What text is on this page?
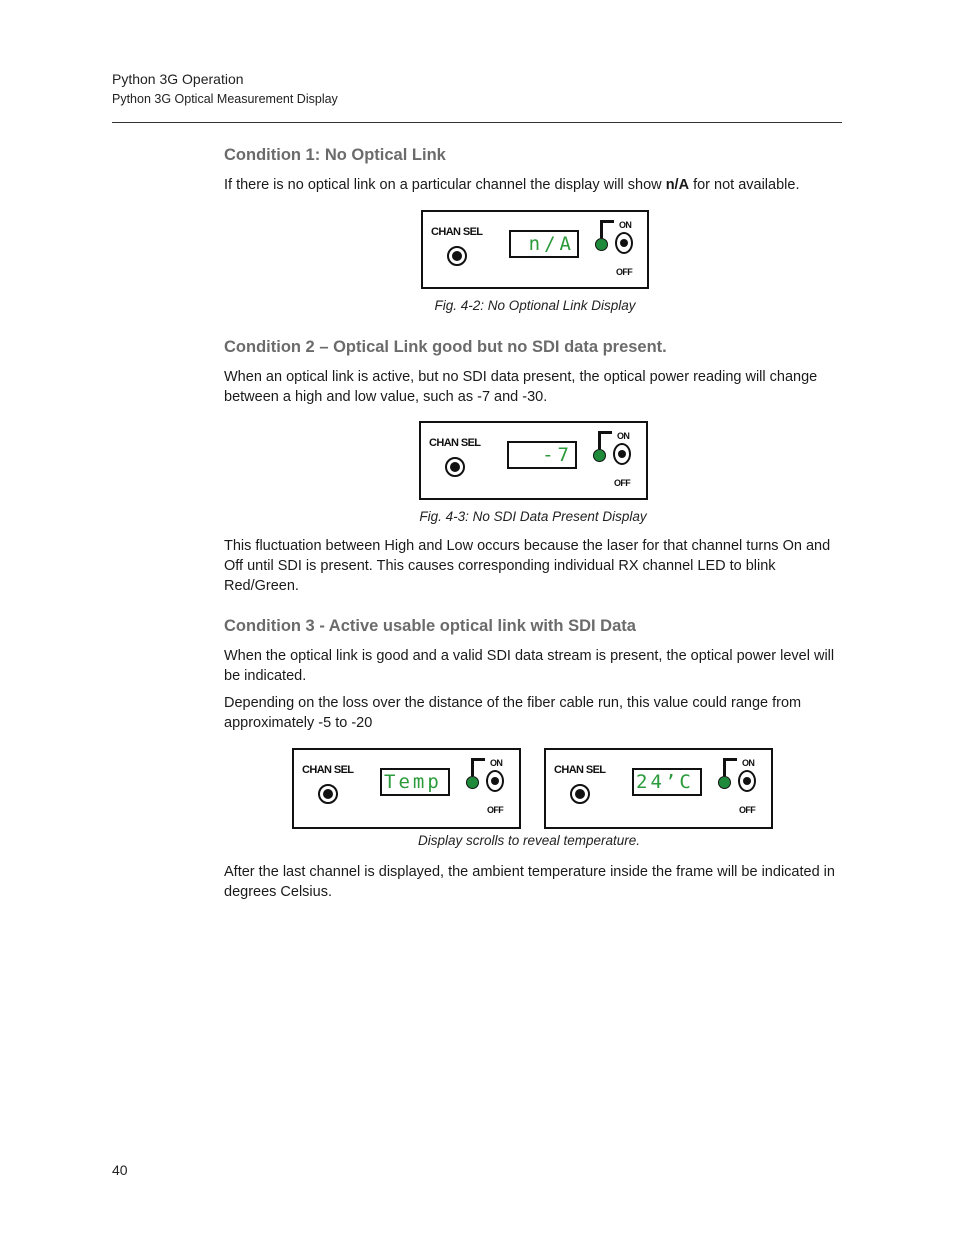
Python 3G Operation
Python 3G Optical Measurement Display
Condition 1: No Optical Link
If there is no optical link on a particular channel the display will show n/A for not available.
CHAN SEL
n/A
ON
OFF
Fig. 4-2: No Optional Link Display
Condition 2 – Optical Link good but no SDI data present.
When an optical link is active, but no SDI data present, the optical power reading will change between a high and low value, such as -7 and -30.
CHAN SEL
-7
ON
OFF
Fig. 4-3: No SDI Data Present Display
This fluctuation between High and Low occurs because the laser for that channel turns On and Off until SDI is present. This causes corresponding individual RX channel LED to blink Red/Green.
Condition 3 - Active usable optical link with SDI Data
When the optical link is good and a valid SDI data stream is present, the optical power level will be indicated.
Depending on the loss over the distance of the fiber cable run, this value could range from approximately -5 to -20
CHAN SEL
Temp
ON
OFF
CHAN SEL
24’C
ON
OFF
Display scrolls to reveal temperature.
After the last channel is displayed, the ambient temperature inside the frame will be indicated in degrees Celsius.
40
